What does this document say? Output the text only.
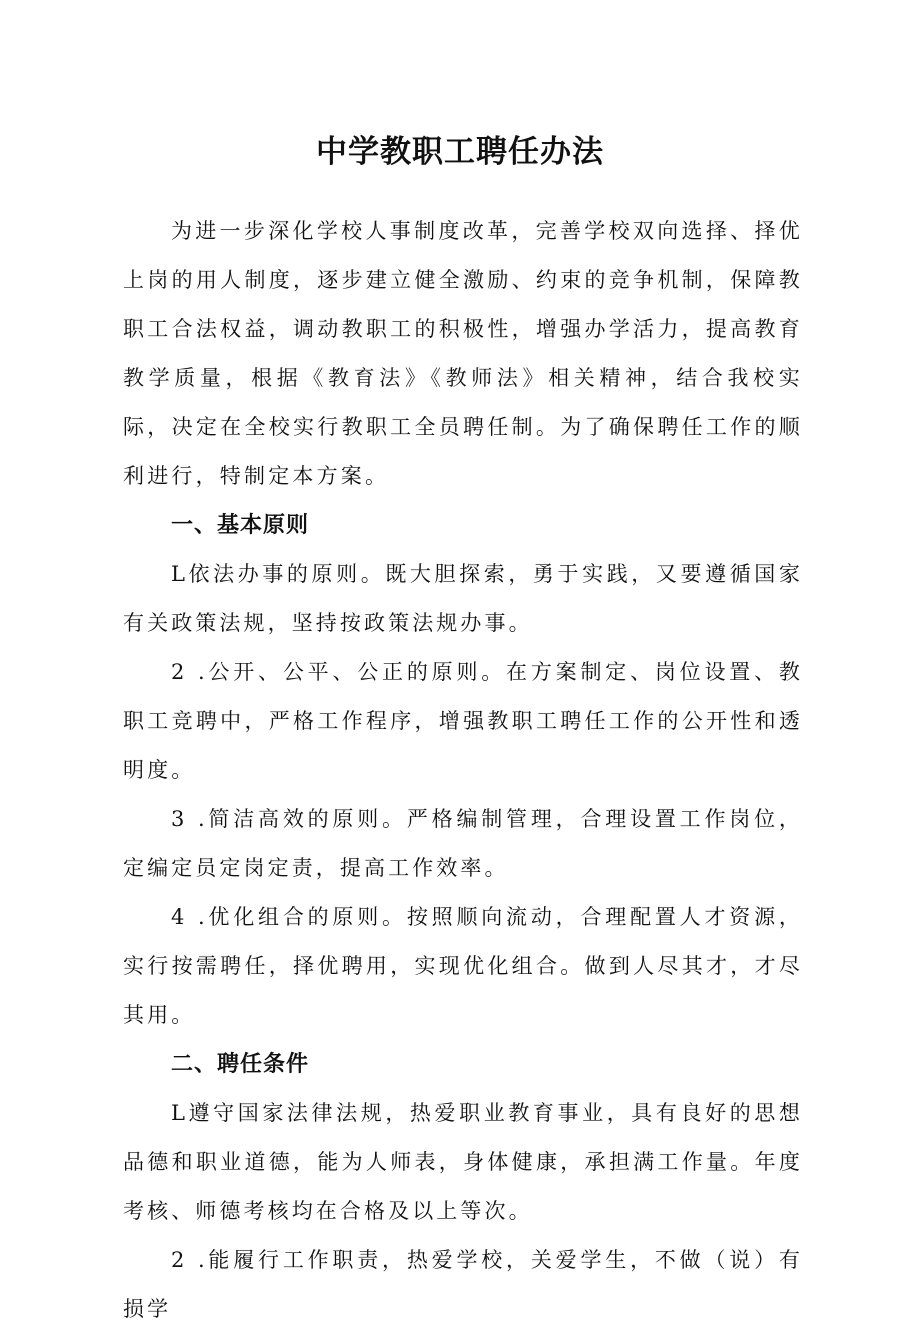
中学教职工聘任办法

为进一步深化学校人事制度改革，完善学校双向选择、择优上岗的用人制度，逐步建立健全激励、约束的竞争机制，保障教职工合法权益，调动教职工的积极性，增强办学活力，提高教育教学质量，根据《教育法》《教师法》相关精神，结合我校实际，决定在全校实行教职工全员聘任制。为了确保聘任工作的顺利进行，特制定本方案。

一、基本原则

L依法办事的原则。既大胆探索，勇于实践，又要遵循国家有关政策法规，坚持按政策法规办事。

2 .公开、公平、公正的原则。在方案制定、岗位设置、教职工竞聘中，严格工作程序，增强教职工聘任工作的公开性和透明度。

3 .简洁高效的原则。严格编制管理，合理设置工作岗位，定编定员定岗定责，提高工作效率。

4 .优化组合的原则。按照顺向流动，合理配置人才资源，实行按需聘任，择优聘用，实现优化组合。做到人尽其才，才尽其用。

二、聘任条件

L遵守国家法律法规，热爱职业教育事业，具有良好的思想品德和职业道德，能为人师表，身体健康，承担满工作量。年度考核、师德考核均在合格及以上等次。

2 .能履行工作职责，热爱学校，关爱学生，不做（说）有损学
